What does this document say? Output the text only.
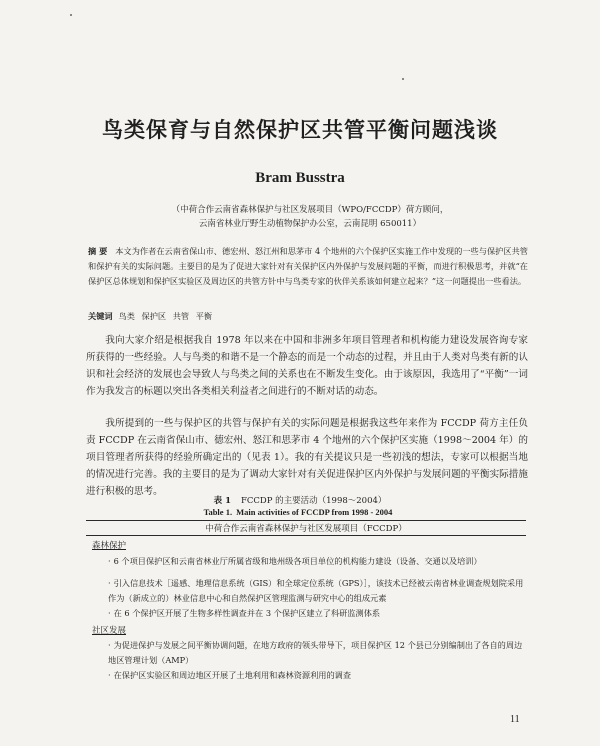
鸟类保育与自然保护区共管平衡问题浅谈
Bram Busstra
（中荷合作云南省森林保护与社区发展项目（WPO/FCCDP）荷方顾问，
云南省林业厅野生动植物保护办公室，云南昆明 650011）
摘 要 本文为作者在云南省保山市、德宏州、怒江州和思茅市 4 个地州的六个保护区实施工作中发现的一些与保护区共管和保护有关的实际问题。主要目的是为了促进大家针对有关保护区内外保护与发展问题的平衡，而进行积极思考，并就“在保护区总体规划和保护区实验区及周边区的共管方针中与鸟类专家的伙伴关系该如何建立起来？”这一问题提出一些看法。
关键词 鸟类 保护区 共管 平衡
我向大家介绍是根据我自 1978 年以来在中国和非洲多年项目管理者和机构能力建设发展咨询专家所获得的一些经验。人与鸟类的和谐不是一个静态的而是一个动态的过程，并且由于人类对鸟类有新的认识和社会经济的发展也会导致人与鸟类之间的关系也在不断发生变化。由于该原因，我选用了“平衡”一词作为我发言的标题以突出各类相关利益者之间进行的不断对话的动态。
我所提到的一些与保护区的共管与保护有关的实际问题是根据我这些年来作为 FCCDP 荷方主任负责 FCCDP 在云南省保山市、德宏州、怒江和思茅市 4 个地州的六个保护区实施（1998～2004 年）的项目管理者所获得的经验所确定出的（见表 1）。我的有关提议只是一些初浅的想法，专家可以根据当地的情况进行完善。我的主要目的是为了调动大家针对有关促进保护区内外保护与发展问题的平衡实际措施进行积极的思考。
表 1 FCCDP 的主要活动（1998～2004）
Table 1. Main activities of FCCDP from 1998 - 2004
中荷合作云南省森林保护与社区发展项目（FCCDP）
森林保护
· 6 个项目保护区和云南省林业厅所属省级和地州级各项目单位的机构能力建设（设备、交通以及培训）
· 引入信息技术［遥感、地理信息系统（GIS）和全球定位系统（GPS）］，该技术已经被云南省林业调查规划院采用作为（新成立的）林业信息中心和自然保护区管理监测与研究中心的组成元素
· 在 6 个保护区开展了生物多样性调查并在 3 个保护区建立了科研监测体系
社区发展
· 为促进保护与发展之间平衡协调问题，在地方政府的领头带导下，项目保护区 12 个县已分别编制出了各自的周边地区管理计划（AMP）
· 在保护区实验区和周边地区开展了土地利用和森林资源利用的调查
11
